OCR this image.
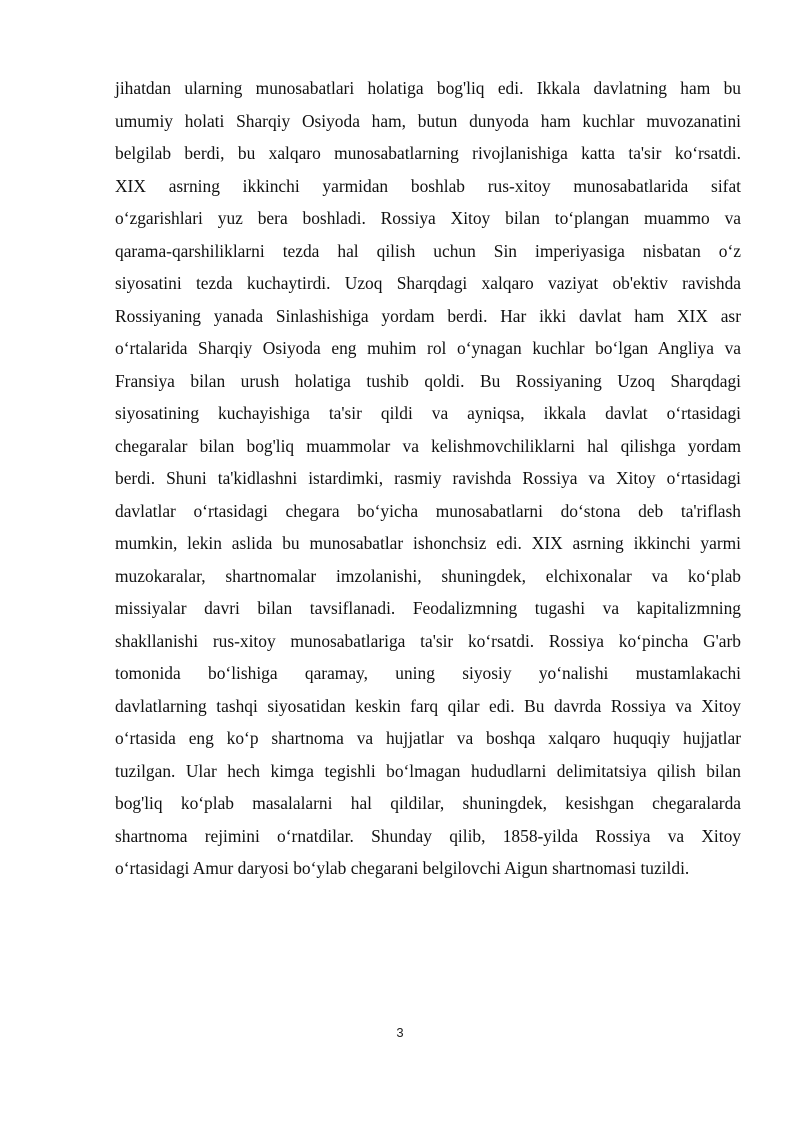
jihatdan ularning munosabatlari holatiga bog'liq edi. Ikkala davlatning ham bu
umumiy holati Sharqiy Osiyoda ham, butun dunyoda ham kuchlar muvozanatini
belgilab berdi, bu xalqaro munosabatlarning rivojlanishiga katta ta'sir ko‘rsatdi.
XIX asrning ikkinchi yarmidan boshlab rus-xitoy munosabatlarida sifat
o‘zgarishlari yuz bera boshladi. Rossiya Xitoy bilan to‘plangan muammo va
qarama-qarshiliklarni tezda hal qilish uchun Sin imperiyasiga nisbatan o‘z
siyosatini tezda kuchaytirdi. Uzoq Sharqdagi xalqaro vaziyat ob'ektiv ravishda
Rossiyaning yanada Sinlashishiga yordam berdi. Har ikki davlat ham XIX asr
o‘rtalarida Sharqiy Osiyoda eng muhim rol o‘ynagan kuchlar bo‘lgan Angliya va
Fransiya bilan urush holatiga tushib qoldi. Bu Rossiyaning Uzoq Sharqdagi
siyosatining kuchayishiga ta'sir qildi va ayniqsa, ikkala davlat o‘rtasidagi
chegaralar bilan bog'liq muammolar va kelishmovchiliklarni hal qilishga yordam
berdi. Shuni ta'kidlashni istardimki, rasmiy ravishda Rossiya va Xitoy o‘rtasidagi
davlatlar o‘rtasidagi chegara bo‘yicha munosabatlarni do‘stona deb ta'riflash
mumkin, lekin aslida bu munosabatlar ishonchsiz edi. XIX asrning ikkinchi yarmi
muzokaralar, shartnomalar imzolanishi, shuningdek, elchixonalar va ko‘plab
missiyalar davri bilan tavsiflanadi. Feodalizmning tugashi va kapitalizmning
shakllanishi rus-xitoy munosabatlariga ta'sir ko‘rsatdi. Rossiya ko‘pincha G'arb
tomonida bo‘lishiga qaramay, uning siyosiy yo‘nalishi mustamlakachi
davlatlarning tashqi siyosatidan keskin farq qilar edi. Bu davrda Rossiya va Xitoy
o‘rtasida eng ko‘p shartnoma va hujjatlar va boshqa xalqaro huquqiy hujjatlar
tuzilgan. Ular hech kimga tegishli bo‘lmagan hududlarni delimitatsiya qilish bilan
bog'liq ko‘plab masalalarni hal qildilar, shuningdek, kesishgan chegaralarda
shartnoma rejimini o‘rnatdilar. Shunday qilib, 1858-yilda Rossiya va Xitoy
o‘rtasidagi Amur daryosi bo‘ylab chegarani belgilovchi Aigun shartnomasi tuzildi.
3
